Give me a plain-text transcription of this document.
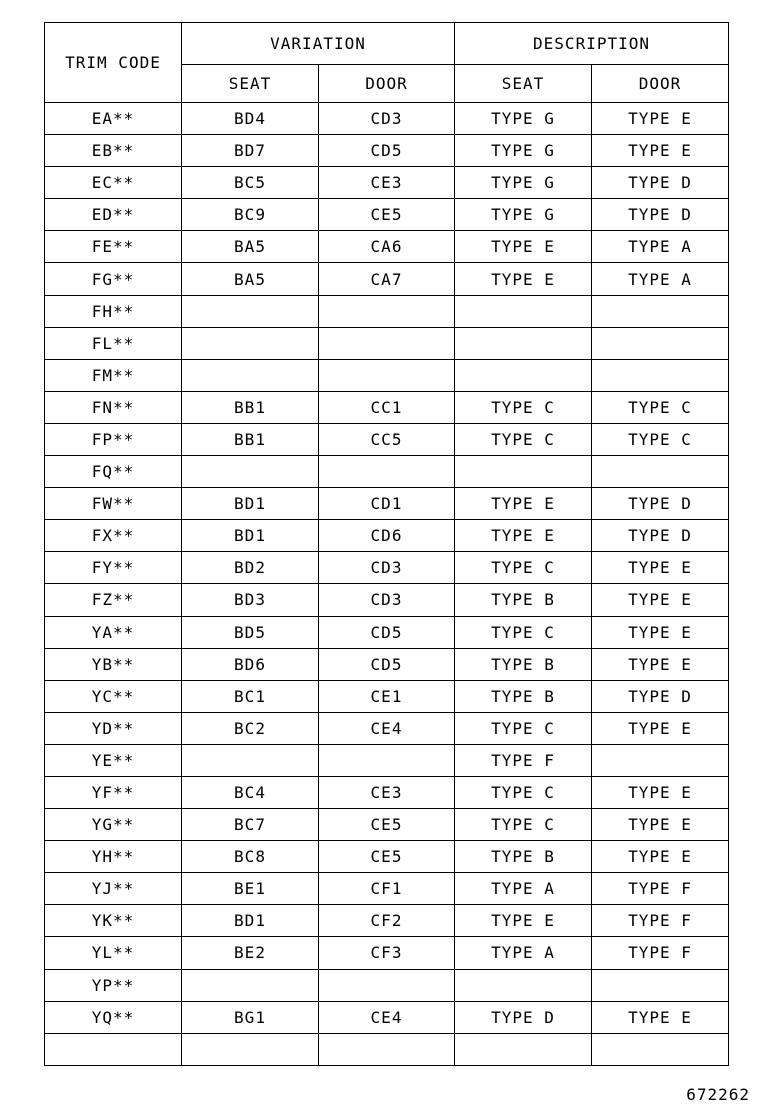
TRIM CODE	VARIATION		DESCRIPTION	
	SEAT	DOOR	SEAT	DOOR
EA**	BD4	CD3	TYPE G	TYPE E
EB**	BD7	CD5	TYPE G	TYPE E
EC**	BC5	CE3	TYPE G	TYPE D
ED**	BC9	CE5	TYPE G	TYPE D
FE**	BA5	CA6	TYPE E	TYPE A
FG**	BA5	CA7	TYPE E	TYPE A
FH**				
FL**				
FM**				
FN**	BB1	CC1	TYPE C	TYPE C
FP**	BB1	CC5	TYPE C	TYPE C
FQ**				
FW**	BD1	CD1	TYPE E	TYPE D
FX**	BD1	CD6	TYPE E	TYPE D
FY**	BD2	CD3	TYPE C	TYPE E
FZ**	BD3	CD3	TYPE B	TYPE E
YA**	BD5	CD5	TYPE C	TYPE E
YB**	BD6	CD5	TYPE B	TYPE E
YC**	BC1	CE1	TYPE B	TYPE D
YD**	BC2	CE4	TYPE C	TYPE E
YE**			TYPE F	
YF**	BC4	CE3	TYPE C	TYPE E
YG**	BC7	CE5	TYPE C	TYPE E
YH**	BC8	CE5	TYPE B	TYPE E
YJ**	BE1	CF1	TYPE A	TYPE F
YK**	BD1	CF2	TYPE E	TYPE F
YL**	BE2	CF3	TYPE A	TYPE F
YP**				
YQ**	BG1	CE4	TYPE D	TYPE E

672262
